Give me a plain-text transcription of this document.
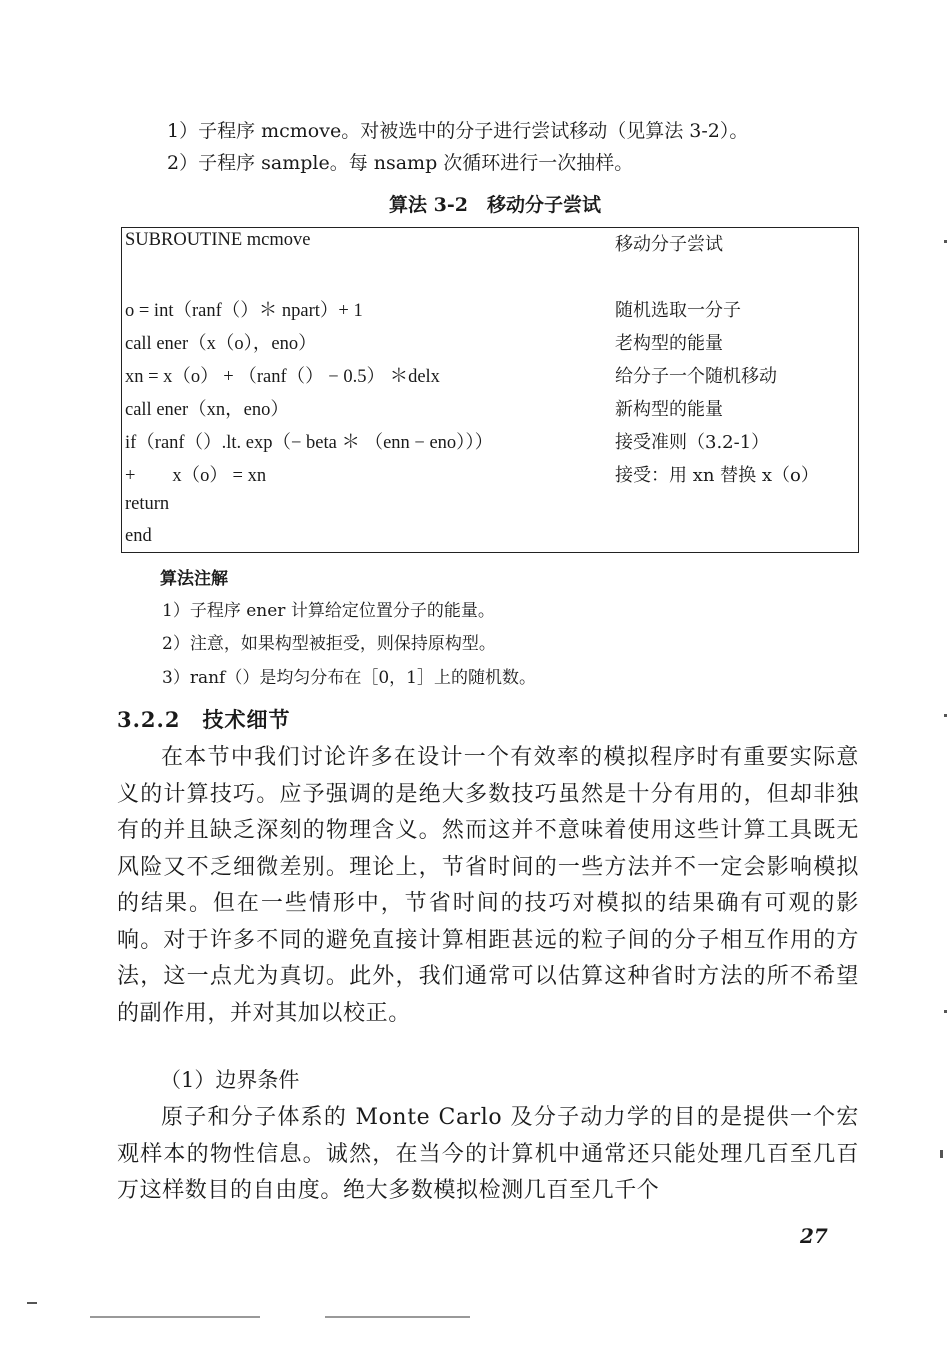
1）子程序 mcmove。对被选中的分子进行尝试移动（见算法 3-2）。
2）子程序 sample。每 nsamp 次循环进行一次抽样。
算法 3-2　移动分子尝试
SUBROUTINE mcmove	移动分子尝试
o = int（ranf（）＊ npart）+ 1	随机选取一分子
call ener（x（o），eno）	老构型的能量
xn = x（o） + （ranf（） − 0.5） ＊delx	给分子一个随机移动
call ener（xn，eno）	新构型的能量
if（ranf（）.lt. exp（− beta ＊ （enn − eno）））	接受准则（3.2-1）
+　　x（o） = xn	接受：用 xn 替换 x（o）
return
end
算法注解
1）子程序 ener 计算给定位置分子的能量。
2）注意，如果构型被拒受，则保持原构型。
3）ranf（）是均匀分布在［0，1］上的随机数。
3.2.2　技术细节

在本节中我们讨论许多在设计一个有效率的模拟程序时有重要实际意义的计算技巧。应予强调的是绝大多数技巧虽然是十分有用的，但却非独有的并且缺乏深刻的物理含义。然而这并不意味着使用这些计算工具既无风险又不乏细微差别。理论上，节省时间的一些方法并不一定会影响模拟的结果。但在一些情形中，节省时间的技巧对模拟的结果确有可观的影响。对于许多不同的避免直接计算相距甚远的粒子间的分子相互作用的方法，这一点尤为真切。此外，我们通常可以估算这种省时方法的所不希望的副作用，并对其加以校正。

（1）边界条件

原子和分子体系的 Monte Carlo 及分子动力学的目的是提供一个宏观样本的物性信息。诚然，在当今的计算机中通常还只能处理几百至几百万这样数目的自由度。绝大多数模拟检测几百至几千个

27
